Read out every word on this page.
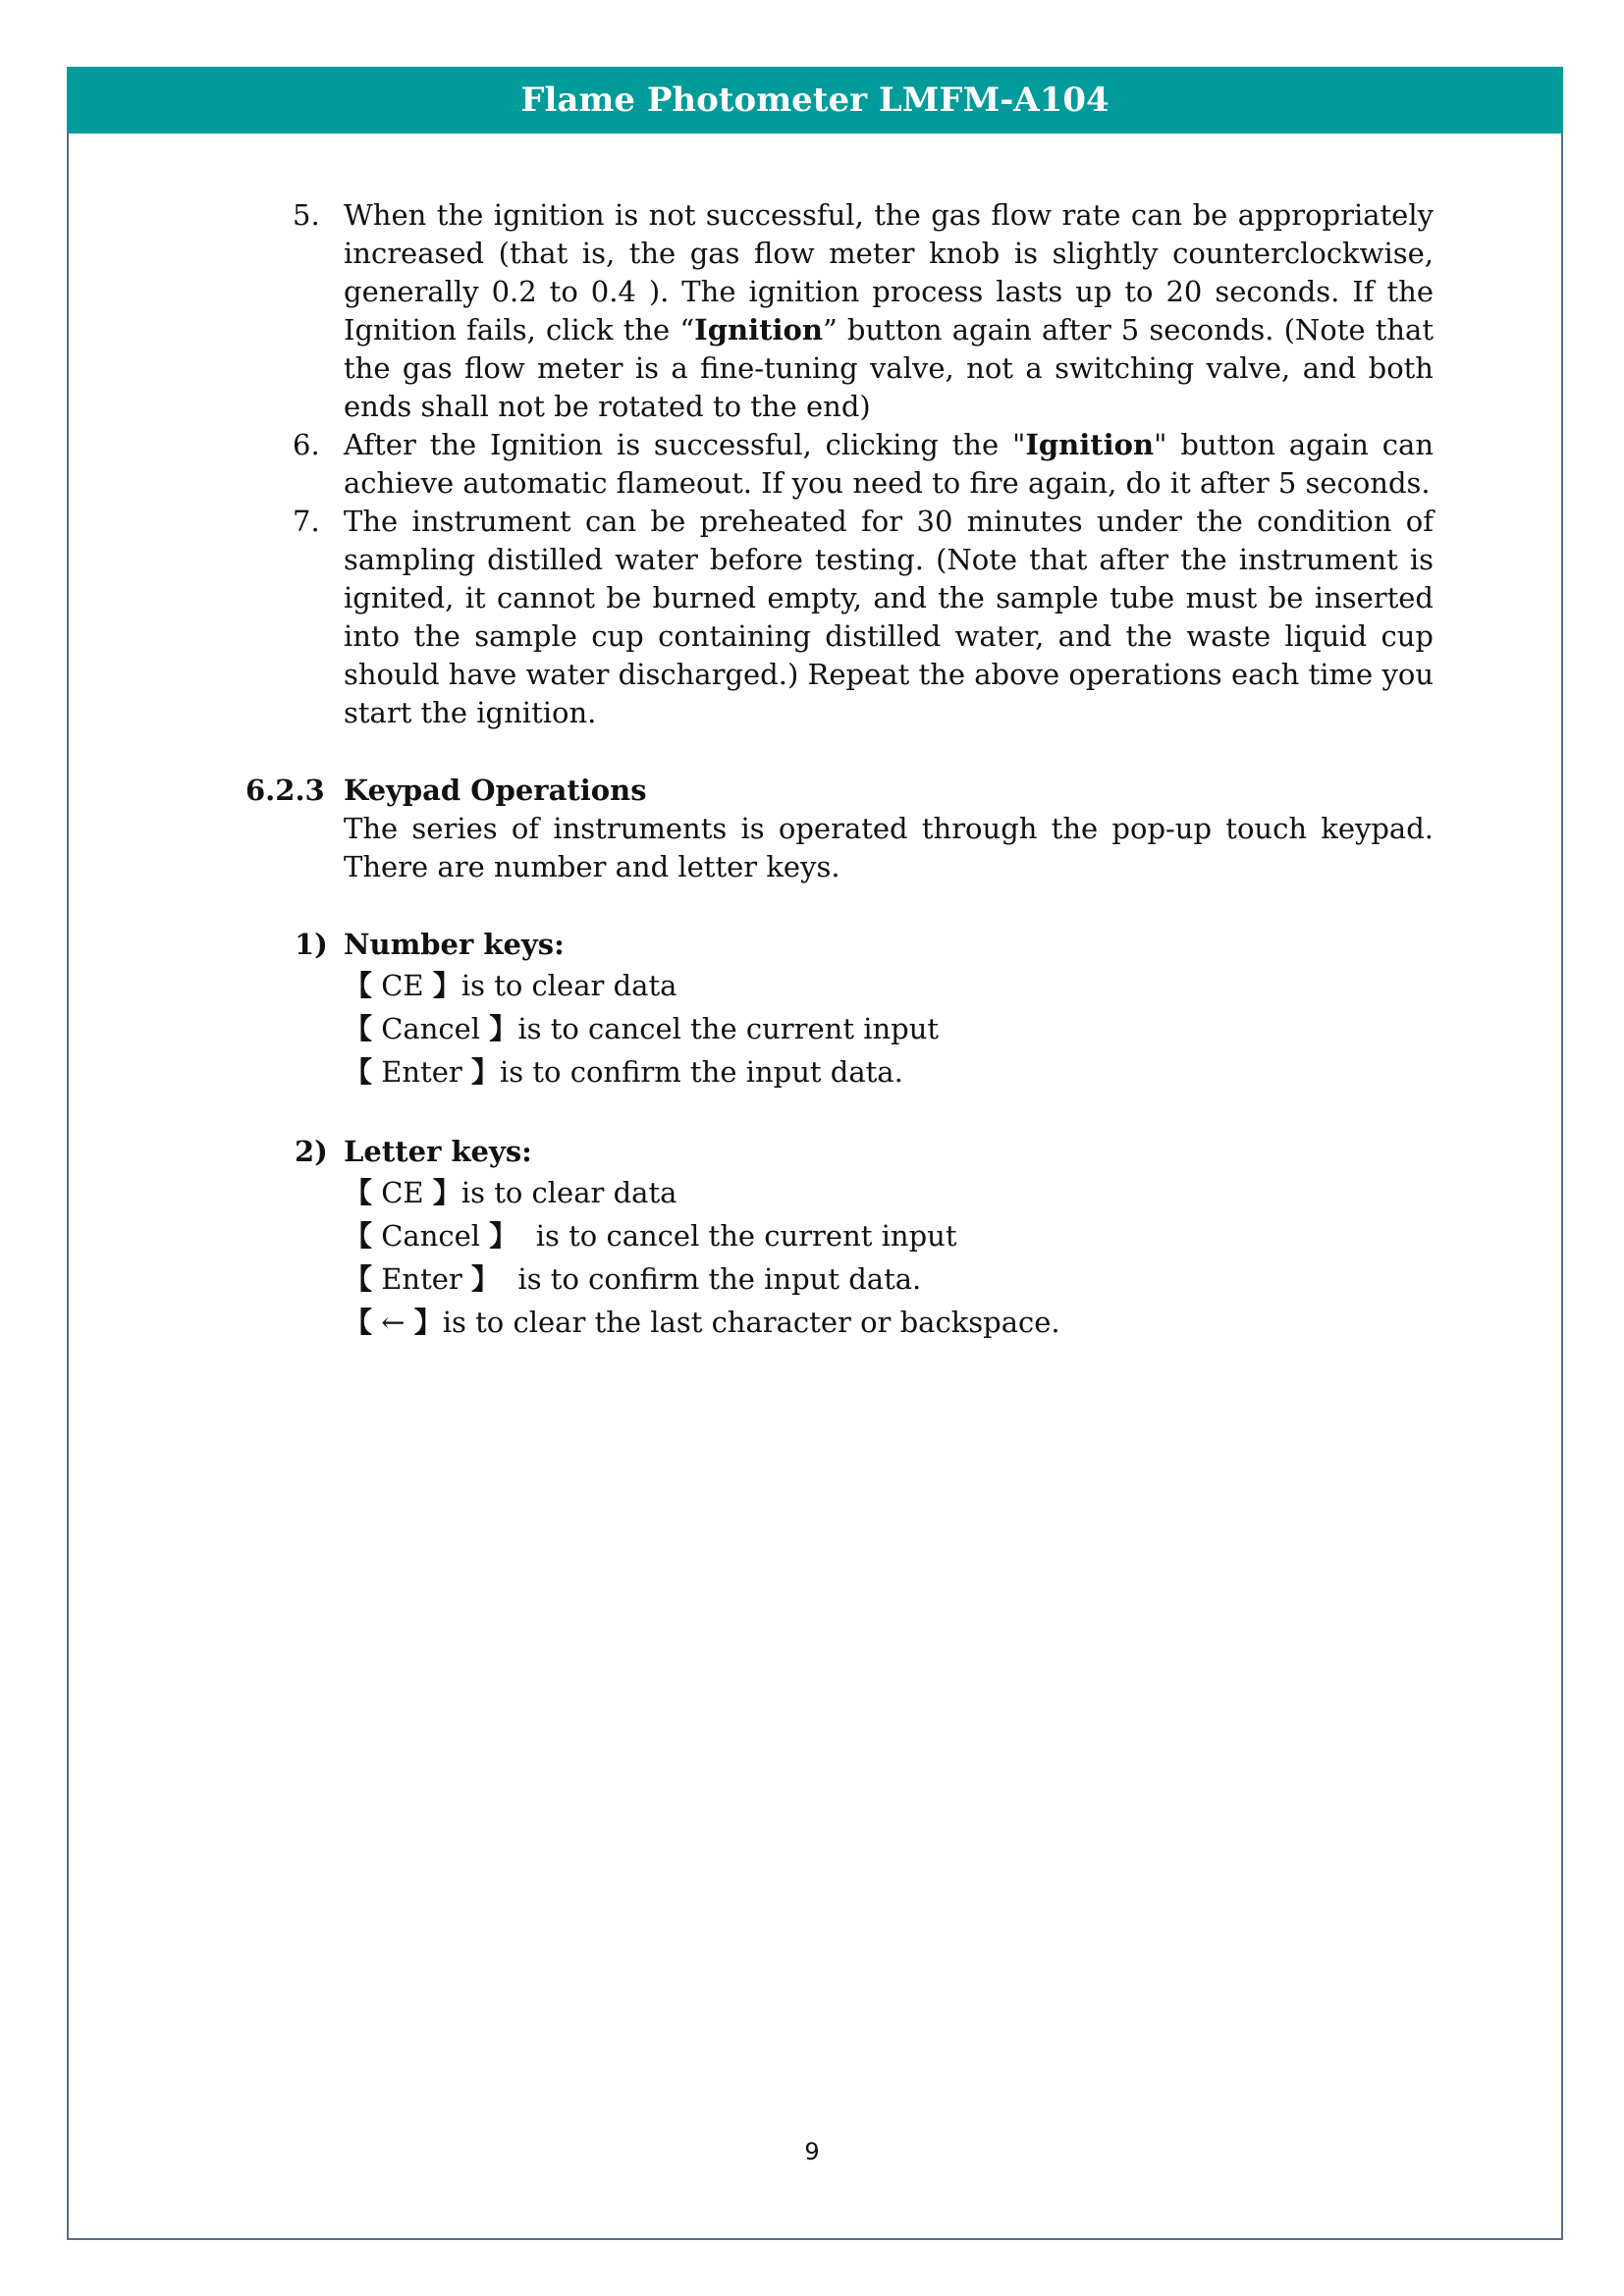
Flame Photometer LMFM-A104
5. When the ignition is not successful, the gas flow rate can be appropriately increased (that is, the gas flow meter knob is slightly counterclockwise, generally 0.2 to 0.4 ). The ignition process lasts up to 20 seconds. If the Ignition fails, click the “Ignition” button again after 5 seconds. (Note that the gas flow meter is a fine-tuning valve, not a switching valve, and both ends shall not be rotated to the end)
6. After the Ignition is successful, clicking the "Ignition" button again can achieve automatic flameout. If you need to fire again, do it after 5 seconds.
7. The instrument can be preheated for 30 minutes under the condition of sampling distilled water before testing. (Note that after the instrument is ignited, it cannot be burned empty, and the sample tube must be inserted into the sample cup containing distilled water, and the waste liquid cup should have water discharged.) Repeat the above operations each time you start the ignition.
6.2.3 Keypad Operations
The series of instruments is operated through the pop-up touch keypad. There are number and letter keys.
1) Number keys:
【 CE 】is to clear data
【 Cancel 】is to cancel the current input
【 Enter 】is to confirm the input data.
2) Letter keys:
【 CE 】is to clear data
【 Cancel 】  is to cancel the current input
【 Enter 】  is to confirm the input data.
【 ← 】is to clear the last character or backspace.
9
